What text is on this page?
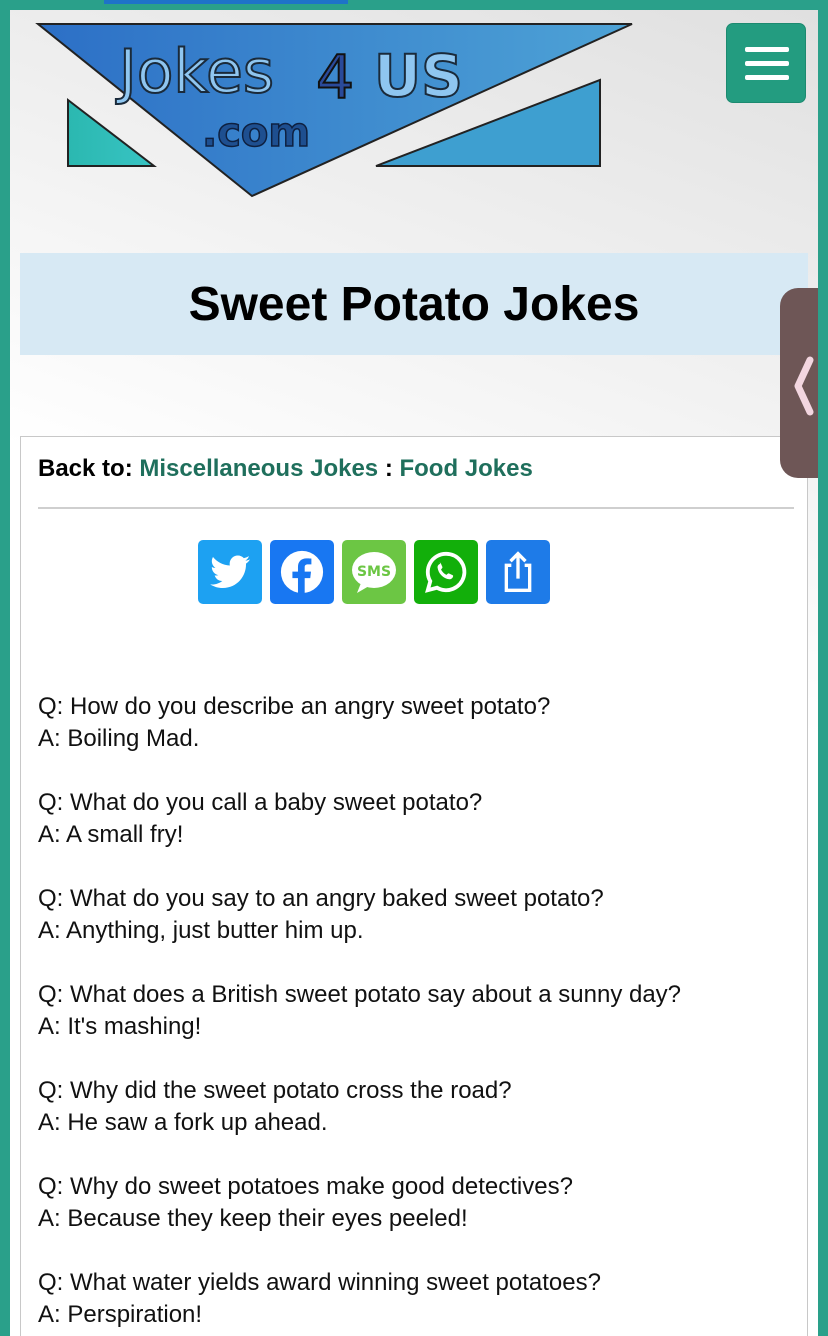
Jokes 4 US
.com
Sweet Potato Jokes
Back to: Miscellaneous Jokes : Food Jokes
SMS

Q: How do you describe an angry sweet potato?

A: Boiling Mad.

Q: What do you call a baby sweet potato?

A: A small fry!

Q: What do you say to an angry baked sweet potato?

A: Anything, just butter him up.

Q: What does a British sweet potato say about a sunny day?

A: It's mashing!

Q: Why did the sweet potato cross the road?

A: He saw a fork up ahead.

Q: Why do sweet potatoes make good detectives?

A: Because they keep their eyes peeled!

Q: What water yields award winning sweet potatoes?

A: Perspiration!
